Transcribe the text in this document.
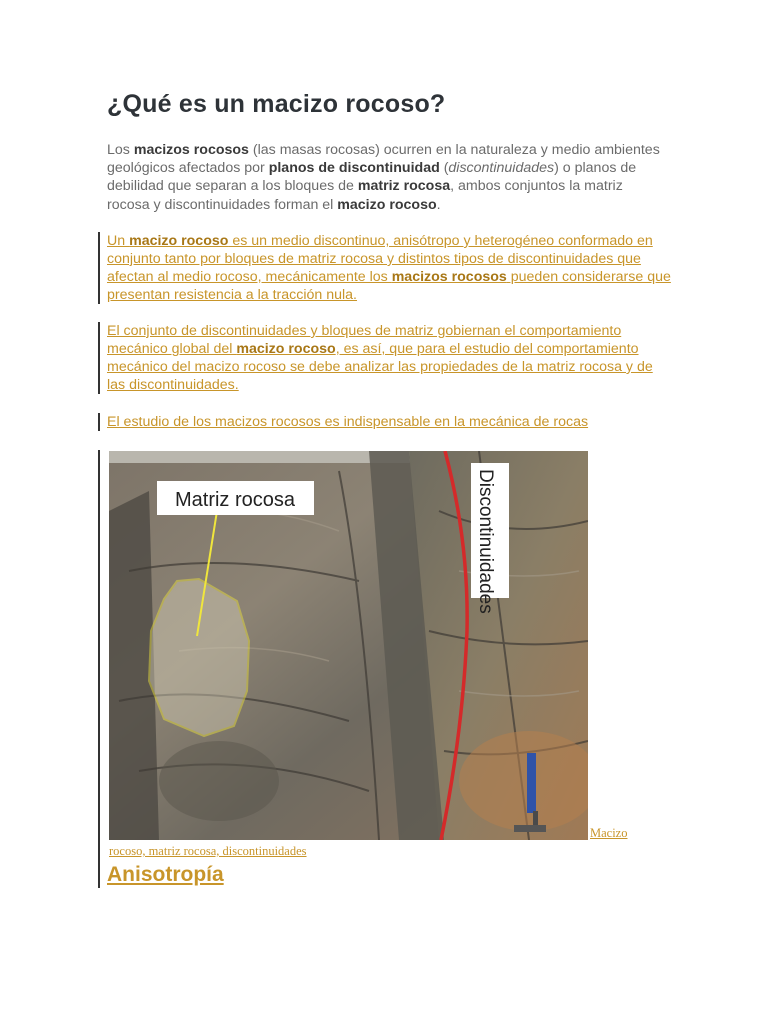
¿Qué es un macizo rocoso?

Los macizos rocosos (las masas rocosas) ocurren en la naturaleza y medio ambientes geológicos afectados por planos de discontinuidad (discontinuidades) o planos de debilidad que separan a los bloques de matriz rocosa, ambos conjuntos la matriz rocosa y discontinuidades forman el macizo rocoso.

Un macizo rocoso es un medio discontinuo, anisótropo y heterogéneo conformado en conjunto tanto por bloques de matriz rocosa y distintos tipos de discontinuidades que afectan al medio rocoso, mecánicamente los macizos rocosos pueden considerarse que presentan resistencia a la tracción nula.

El conjunto de discontinuidades y bloques de matriz gobiernan el comportamiento mecánico global del macizo rocoso, es así, que para el estudio del comportamiento mecánico del macizo rocoso se debe analizar las propiedades de la matriz rocosa y de las discontinuidades.

El estudio de los macizos rocosos es indispensable en la mecánica de rocas

Matriz rocosa	Discontinuidades
Macizo
rocoso, matriz rocosa, discontinuidades
Anisotropía
